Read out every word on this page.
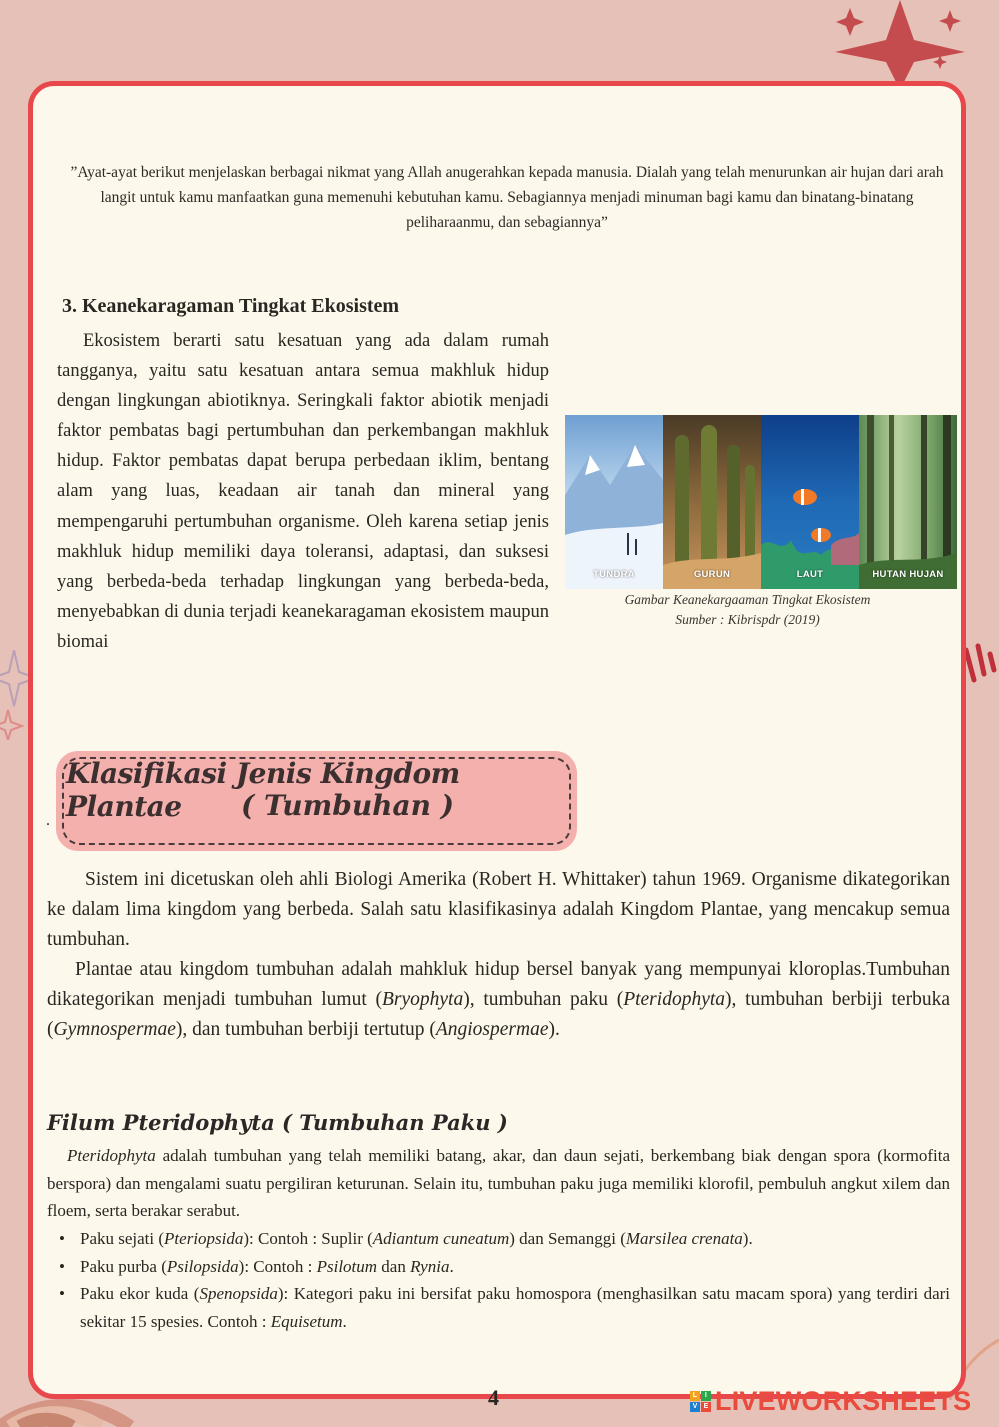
”Ayat-ayat berikut menjelaskan berbagai nikmat yang Allah anugerahkan kepada manusia. Dialah yang telah menurunkan air hujan dari arah langit untuk kamu manfaatkan guna memenuhi kebutuhan kamu. Sebagiannya menjadi minuman bagi kamu dan binatang-binatang peliharaanmu, dan sebagiannya”
3. Keanekaragaman Tingkat Ekosistem
Ekosistem berarti satu kesatuan yang ada dalam rumah tangganya, yaitu satu kesatuan antara semua makhluk hidup dengan lingkungan abiotiknya. Seringkali faktor abiotik menjadi faktor pembatas bagi pertumbuhan dan perkembangan makhluk hidup. Faktor pembatas dapat berupa perbedaan iklim, bentang alam yang luas, keadaan air tanah dan mineral yang mempengaruhi pertumbuhan organisme. Oleh karena setiap jenis makhluk hidup memiliki daya toleransi, adaptasi, dan suksesi yang berbeda-beda terhadap lingkungan yang berbeda-beda, menyebabkan di dunia terjadi keanekaragaman ekosistem maupun biomai
TUNDRA	GURUN	LAUT	HUTAN HUJAN
Gambar Keanekargaaman Tingkat Ekosistem
Sumber : Kibrispdr (2019)
.
Klasifikasi Jenis Kingdom Plantae	( Tumbuhan )
Sistem ini dicetuskan oleh ahli Biologi Amerika (Robert H. Whittaker) tahun 1969. Organisme dikategorikan ke dalam lima kingdom yang berbeda. Salah satu klasifikasinya adalah Kingdom Plantae, yang mencakup semua tumbuhan.
Plantae atau kingdom tumbuhan adalah mahkluk hidup bersel banyak yang mempunyai kloroplas.Tumbuhan dikategorikan menjadi tumbuhan lumut (Bryophyta), tumbuhan paku (Pteridophyta), tumbuhan berbiji terbuka (Gymnospermae), dan tumbuhan berbiji tertutup (Angiospermae).
Filum Pteridophyta ( Tumbuhan Paku )
Pteridophyta adalah tumbuhan yang telah memiliki batang, akar, dan daun sejati, berkembang biak dengan spora (kormofita berspora) dan mengalami suatu pergiliran keturunan. Selain itu, tumbuhan paku juga memiliki klorofil, pembuluh angkut xilem dan floem, serta berakar serabut.
• Paku sejati (Pteriopsida): Contoh : Suplir (Adiantum cuneatum) dan Semanggi (Marsilea crenata).
• Paku purba (Psilopsida): Contoh : Psilotum dan Rynia.
• Paku ekor kuda (Spenopsida): Kategori paku ini bersifat paku homospora (menghasilkan satu macam spora) yang terdiri dari sekitar 15 spesies. Contoh : Equisetum.
4	L	I
V E LIVEWORKSHEETS
